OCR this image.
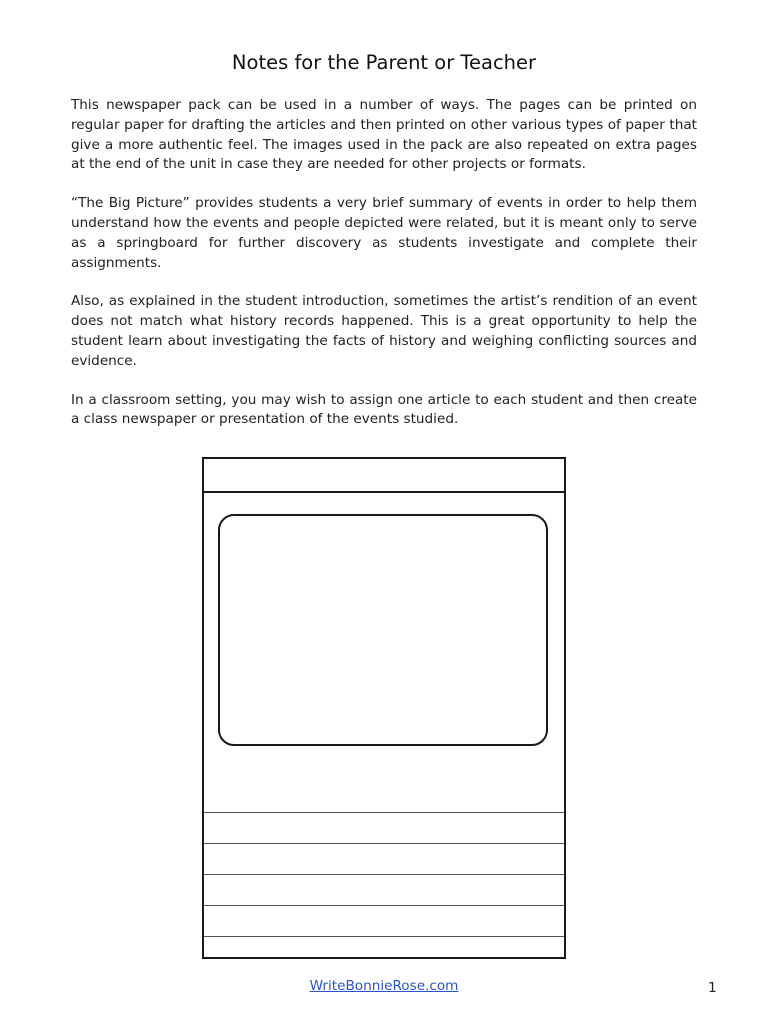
Notes for the Parent or Teacher

This newspaper pack can be used in a number of ways. The pages can be printed on regular paper for drafting the articles and then printed on other various types of paper that give a more authentic feel. The images used in the pack are also repeated on extra pages at the end of the unit in case they are needed for other projects or formats.

“The Big Picture” provides students a very brief summary of events in order to help them understand how the events and people depicted were related, but it is meant only to serve as a springboard for further discovery as students investigate and complete their assignments.

Also, as explained in the student introduction, sometimes the artist’s rendition of an event does not match what history records happened. This is a great opportunity to help the student learn about investigating the facts of history and weighing conflicting sources and evidence.

In a classroom setting, you may wish to assign one article to each student and then create a class newspaper or presentation of the events studied.

WriteBonnieRose.com	1
